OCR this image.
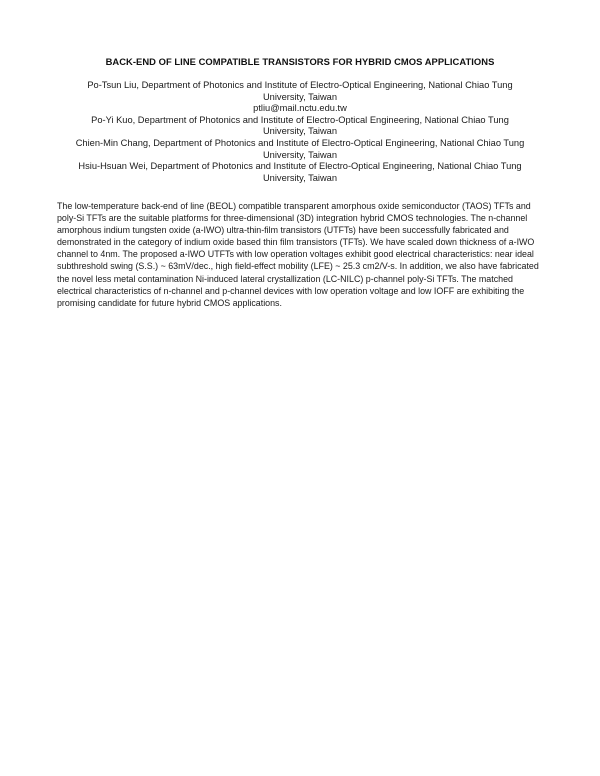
BACK-END OF LINE COMPATIBLE TRANSISTORS FOR HYBRID CMOS APPLICATIONS
Po-Tsun Liu, Department of Photonics and Institute of Electro-Optical Engineering, National Chiao Tung
University, Taiwan
ptliu@mail.nctu.edu.tw
Po-Yi Kuo, Department of Photonics and Institute of Electro-Optical Engineering, National Chiao Tung
University, Taiwan
Chien-Min Chang, Department of Photonics and Institute of Electro-Optical Engineering, National Chiao Tung
University, Taiwan
Hsiu-Hsuan Wei, Department of Photonics and Institute of Electro-Optical Engineering, National Chiao Tung
University, Taiwan
The low-temperature back-end of line (BEOL) compatible transparent amorphous oxide semiconductor (TAOS) TFTs and poly-Si TFTs are the suitable platforms for three-dimensional (3D) integration hybrid CMOS technologies. The n-channel amorphous indium tungsten oxide (a-IWO) ultra-thin-film transistors (UTFTs) have been successfully fabricated and demonstrated in the category of indium oxide based thin film transistors (TFTs). We have scaled down thickness of a-IWO channel to 4nm. The proposed a-IWO UTFTs with low operation voltages exhibit good electrical characteristics: near ideal subthreshold swing (S.S.) ~ 63mV/dec., high field-effect mobility (LFE) ~ 25.3 cm2/V-s. In addition, we also have fabricated the novel less metal contamination Ni-induced lateral crystallization (LC-NILC) p-channel poly-Si TFTs. The matched electrical characteristics of n-channel and p-channel devices with low operation voltage and low IOFF are exhibiting the promising candidate for future hybrid CMOS applications.
